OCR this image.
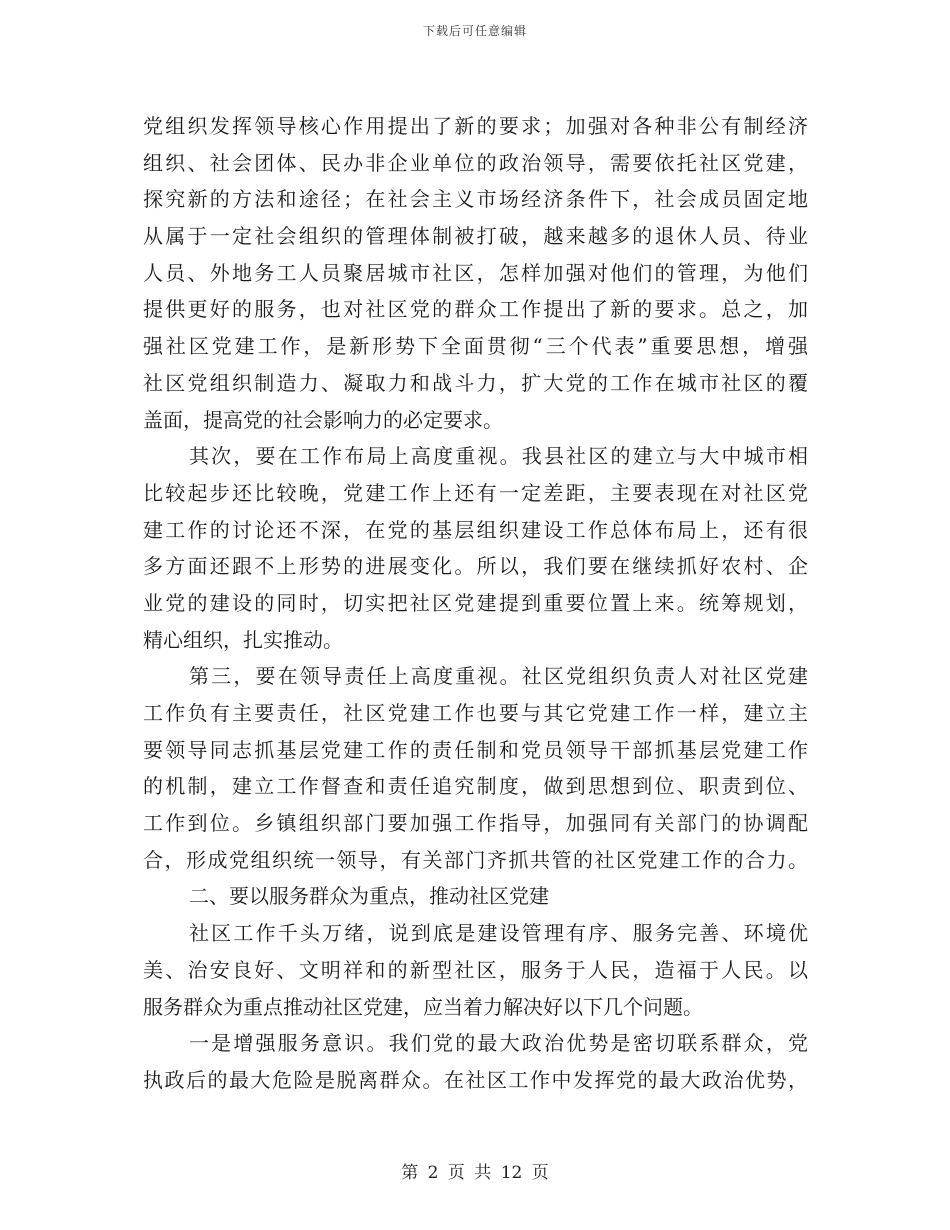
下载后可任意编辑
党组织发挥领导核心作用提出了新的要求；加强对各种非公有制经济
组织、社会团体、民办非企业单位的政治领导，需要依托社区党建，
探究新的方法和途径；在社会主义市场经济条件下，社会成员固定地
从属于一定社会组织的管理体制被打破，越来越多的退休人员、待业
人员、外地务工人员聚居城市社区，怎样加强对他们的管理，为他们
提供更好的服务，也对社区党的群众工作提出了新的要求。总之，加
强社区党建工作，是新形势下全面贯彻“三个代表”重要思想，增强
社区党组织制造力、凝取力和战斗力，扩大党的工作在城市社区的覆
盖面，提高党的社会影响力的必定要求。
其次，要在工作布局上高度重视。我县社区的建立与大中城市相
比较起步还比较晚，党建工作上还有一定差距，主要表现在对社区党
建工作的讨论还不深，在党的基层组织建设工作总体布局上，还有很
多方面还跟不上形势的进展变化。所以，我们要在继续抓好农村、企
业党的建设的同时，切实把社区党建提到重要位置上来。统筹规划，
精心组织，扎实推动。
第三，要在领导责任上高度重视。社区党组织负责人对社区党建
工作负有主要责任，社区党建工作也要与其它党建工作一样，建立主
要领导同志抓基层党建工作的责任制和党员领导干部抓基层党建工作
的机制，建立工作督查和责任追究制度，做到思想到位、职责到位、
工作到位。乡镇组织部门要加强工作指导，加强同有关部门的协调配
合，形成党组织统一领导，有关部门齐抓共管的社区党建工作的合力。
二、要以服务群众为重点，推动社区党建
社区工作千头万绪，说到底是建设管理有序、服务完善、环境优
美、治安良好、文明祥和的新型社区，服务于人民，造福于人民。以
服务群众为重点推动社区党建，应当着力解决好以下几个问题。
一是增强服务意识。我们党的最大政治优势是密切联系群众，党
执政后的最大危险是脱离群众。在社区工作中发挥党的最大政治优势，
第 2 页 共 12 页
